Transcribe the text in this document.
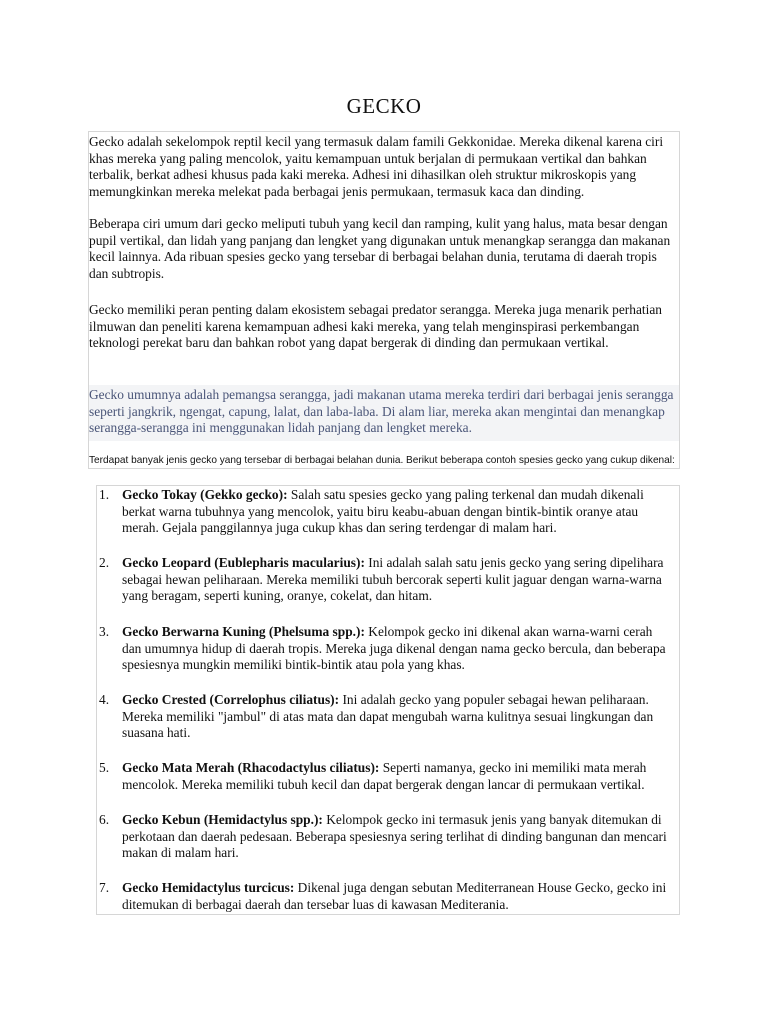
GECKO

Gecko adalah sekelompok reptil kecil yang termasuk dalam famili Gekkonidae. Mereka dikenal karena ciri khas mereka yang paling mencolok, yaitu kemampuan untuk berjalan di permukaan vertikal dan bahkan terbalik, berkat adhesi khusus pada kaki mereka. Adhesi ini dihasilkan oleh struktur mikroskopis yang memungkinkan mereka melekat pada berbagai jenis permukaan, termasuk kaca dan dinding.

Beberapa ciri umum dari gecko meliputi tubuh yang kecil dan ramping, kulit yang halus, mata besar dengan pupil vertikal, dan lidah yang panjang dan lengket yang digunakan untuk menangkap serangga dan makanan kecil lainnya. Ada ribuan spesies gecko yang tersebar di berbagai belahan dunia, terutama di daerah tropis dan subtropis.

Gecko memiliki peran penting dalam ekosistem sebagai predator serangga. Mereka juga menarik perhatian ilmuwan dan peneliti karena kemampuan adhesi kaki mereka, yang telah menginspirasi perkembangan teknologi perekat baru dan bahkan robot yang dapat bergerak di dinding dan permukaan vertikal.

Gecko umumnya adalah pemangsa serangga, jadi makanan utama mereka terdiri dari berbagai jenis serangga seperti jangkrik, ngengat, capung, lalat, dan laba-laba. Di alam liar, mereka akan mengintai dan menangkap serangga-serangga ini menggunakan lidah panjang dan lengket mereka.

Terdapat banyak jenis gecko yang tersebar di berbagai belahan dunia. Berikut beberapa contoh spesies gecko yang cukup dikenal:

1. Gecko Tokay (Gekko gecko): Salah satu spesies gecko yang paling terkenal dan mudah dikenali berkat warna tubuhnya yang mencolok, yaitu biru keabu-abuan dengan bintik-bintik oranye atau merah. Gejala panggilannya juga cukup khas dan sering terdengar di malam hari.
2. Gecko Leopard (Eublepharis macularius): Ini adalah salah satu jenis gecko yang sering dipelihara sebagai hewan peliharaan. Mereka memiliki tubuh bercorak seperti kulit jaguar dengan warna-warna yang beragam, seperti kuning, oranye, cokelat, dan hitam.
3. Gecko Berwarna Kuning (Phelsuma spp.): Kelompok gecko ini dikenal akan warna-warni cerah dan umumnya hidup di daerah tropis. Mereka juga dikenal dengan nama gecko bercula, dan beberapa spesiesnya mungkin memiliki bintik-bintik atau pola yang khas.
4. Gecko Crested (Correlophus ciliatus): Ini adalah gecko yang populer sebagai hewan peliharaan. Mereka memiliki "jambul" di atas mata dan dapat mengubah warna kulitnya sesuai lingkungan dan suasana hati.
5. Gecko Mata Merah (Rhacodactylus ciliatus): Seperti namanya, gecko ini memiliki mata merah mencolok. Mereka memiliki tubuh kecil dan dapat bergerak dengan lancar di permukaan vertikal.
6. Gecko Kebun (Hemidactylus spp.): Kelompok gecko ini termasuk jenis yang banyak ditemukan di perkotaan dan daerah pedesaan. Beberapa spesiesnya sering terlihat di dinding bangunan dan mencari makan di malam hari.
7. Gecko Hemidactylus turcicus: Dikenal juga dengan sebutan Mediterranean House Gecko, gecko ini ditemukan di berbagai daerah dan tersebar luas di kawasan Mediterania.
